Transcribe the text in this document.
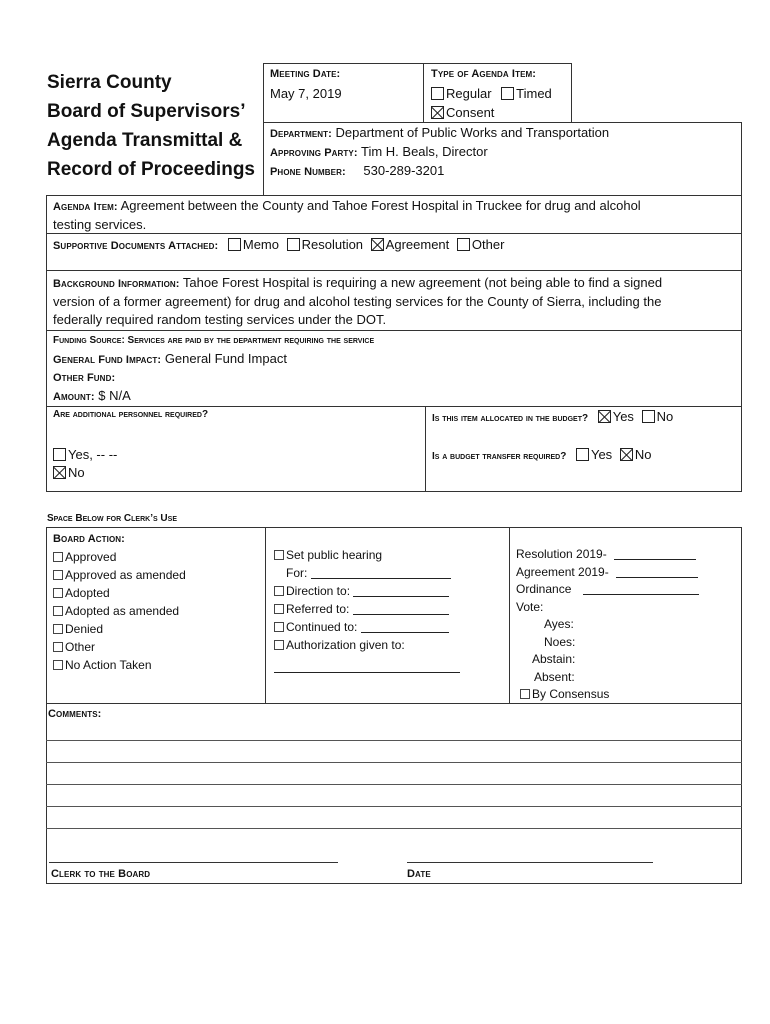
Sierra County
Board of Supervisors’
Agenda Transmittal &
Record of Proceedings
Meeting Date:
May 7, 2019
Type of Agenda Item:
Regular Timed
Consent
Department: Department of Public Works and Transportation
Approving Party: Tim H. Beals, Director
Phone Number: 530-289-3201
Agenda Item: Agreement between the County and Tahoe Forest Hospital in Truckee for drug and alcohol
testing services.
Supportive Documents Attached: Memo Resolution Agreement Other
Background Information: Tahoe Forest Hospital is requiring a new agreement (not being able to find a signed
version of a former agreement) for drug and alcohol testing services for the County of Sierra, including the
federally required random testing services under the DOT.
Funding Source: Services are paid by the department requiring the service
General Fund Impact: General Fund Impact
Other Fund:
Amount: $ N/A
Are additional personnel required?
Yes, -- --
No
Is this item allocated in the budget? Yes No
Is a budget transfer required? Yes No
Space Below for Clerk’s Use
Board Action:
Approved
Approved as amended
Adopted
Adopted as amended
Denied
Other
No Action Taken
Set public hearing
For:
Direction to:
Referred to:
Continued to:
Authorization given to:
Resolution 2019-
Agreement 2019-
Ordinance
Vote:
Ayes:
Noes:
Abstain:
Absent:
By Consensus
Comments:
Clerk to the Board	Date
